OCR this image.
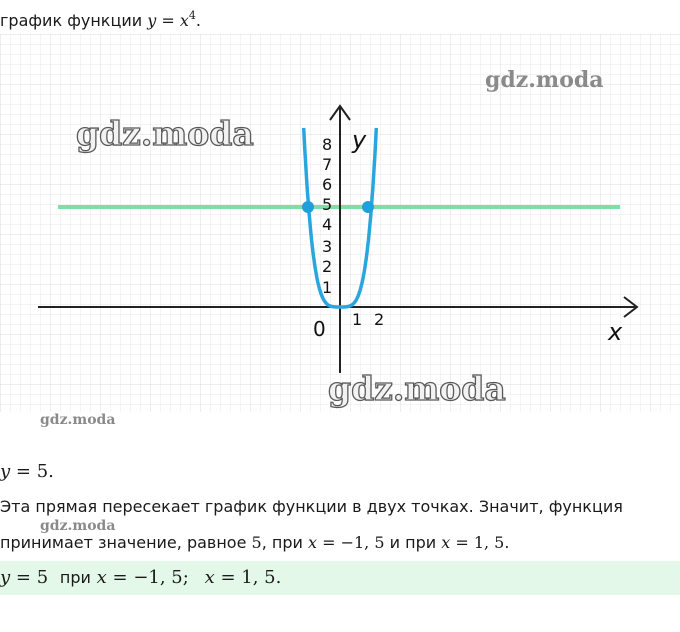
график функции $y = x^4$.
gdz.moda
gdz.moda
gdz.moda
y
x
0
8
7
6
5
4
3
2
1
1 2
gdz.moda
y = 5.
Эта прямая пересекает график функции в двух точках. Значит, функция
gdz.moda
принимает значение, равное 5, при x = −1, 5 и при x = 1, 5.
y = 5 при x = −1, 5; x = 1, 5.
